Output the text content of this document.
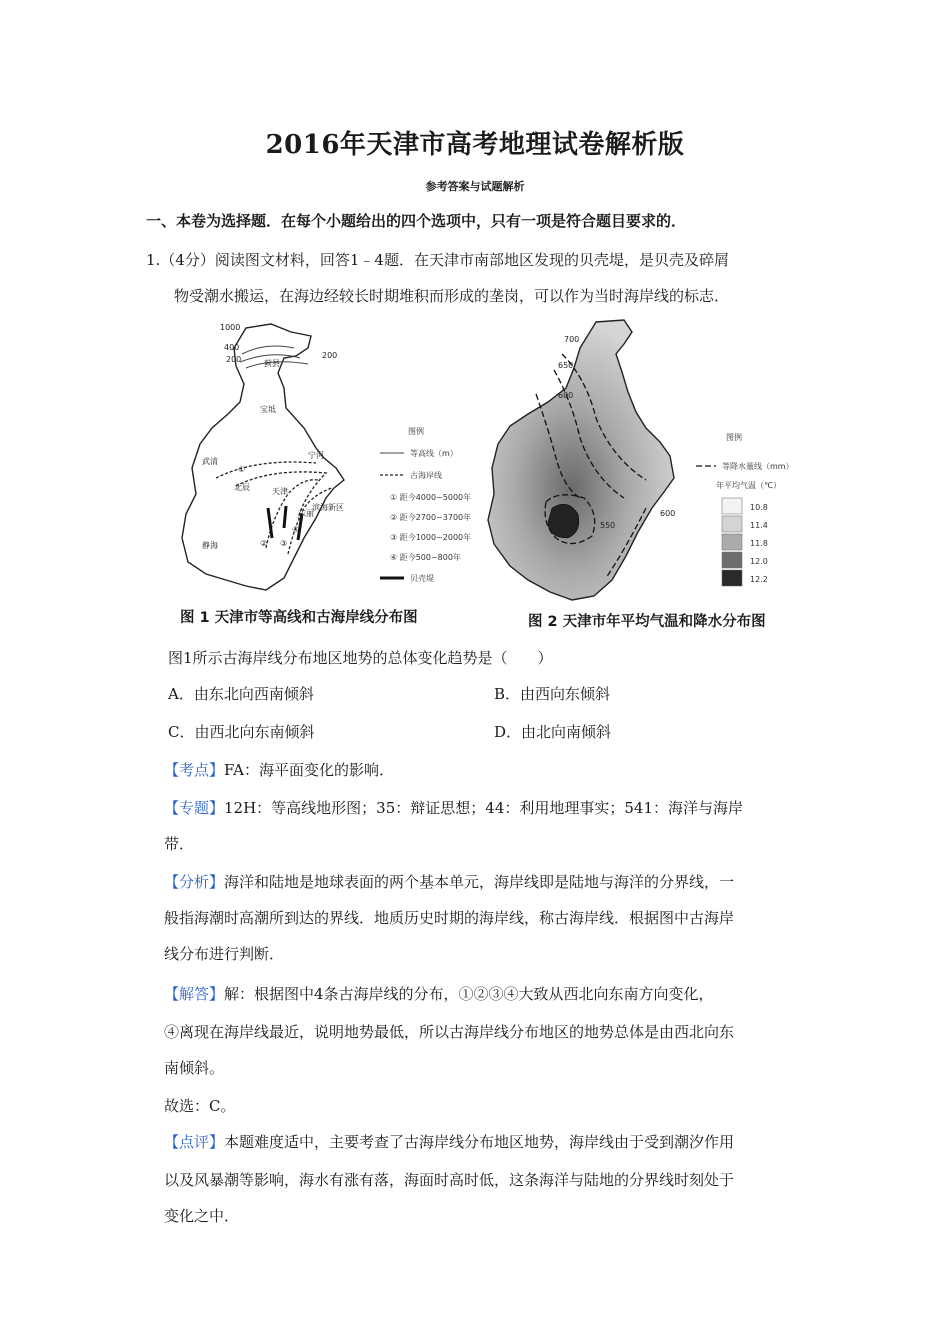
2016年天津市高考地理试卷解析版
参考答案与试题解析
一、本卷为选择题．在每个小题给出的四个选项中，只有一项是符合题目要求的．
1.（4分）阅读图文材料，回答1﹣4题．在天津市南部地区发现的贝壳堤，是贝壳及碎屑
物受潮水搬运，在海边经较长时期堆积而形成的垄岗，可以作为当时海岸线的标志．
1000
400
200	200
蓟县
宝坻
武清
宁河
北辰	天津
静海
东丽
滨海新区
①
② ③
④
图例
等高线（m）
古海岸线
① 距今4000~5000年
② 距今2700~3700年
③ 距今1000~2000年
④ 距今500~800年
贝壳堤
700
650
600
550
600
图例
等降水量线（mm）
年平均气温（℃）
10.8
11.4
11.8
12.0
12.2
图 1 天津市等高线和古海岸线分布图	图 2 天津市年平均气温和降水分布图
图1所示古海岸线分布地区地势的总体变化趋势是（　　）
A．由东北向西南倾斜	B．由西向东倾斜
C．由西北向东南倾斜	D．由北向南倾斜
【考点】FA：海平面变化的影响．
【专题】12H：等高线地形图；35：辩证思想；44：利用地理事实；541：海洋与海岸
带．
【分析】海洋和陆地是地球表面的两个基本单元，海岸线即是陆地与海洋的分界线，一
般指海潮时高潮所到达的界线．地质历史时期的海岸线，称古海岸线．根据图中古海岸
线分布进行判断．
【解答】解：根据图中4条古海岸线的分布，①②③④大致从西北向东南方向变化，
④离现在海岸线最近，说明地势最低，所以古海岸线分布地区的地势总体是由西北向东
南倾斜。
故选：C。
【点评】本题难度适中，主要考查了古海岸线分布地区地势，海岸线由于受到潮汐作用
以及风暴潮等影响，海水有涨有落，海面时高时低，这条海洋与陆地的分界线时刻处于
变化之中．
